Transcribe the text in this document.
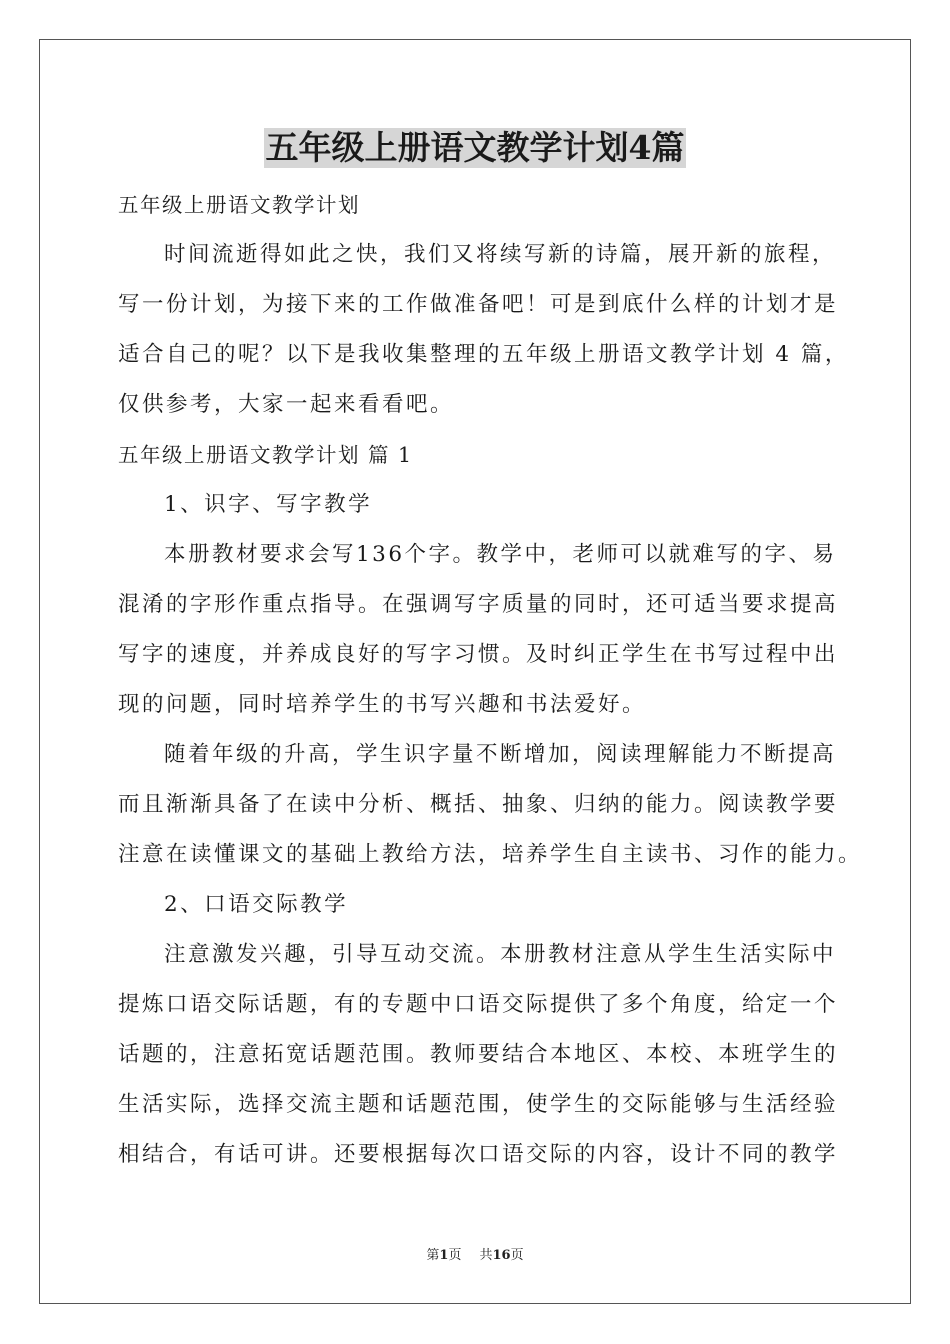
五年级上册语文教学计划4篇
五年级上册语文教学计划
时间流逝得如此之快，我们又将续写新的诗篇，展开新的旅程，
写一份计划，为接下来的工作做准备吧！可是到底什么样的计划才是
适合自己的呢？以下是我收集整理的五年级上册语文教学计划 4 篇，
仅供参考，大家一起来看看吧。
五年级上册语文教学计划 篇 1
1、识字、写字教学
本册教材要求会写136个字。教学中，老师可以就难写的字、易
混淆的字形作重点指导。在强调写字质量的同时，还可适当要求提高
写字的速度，并养成良好的写字习惯。及时纠正学生在书写过程中出
现的问题，同时培养学生的书写兴趣和书法爱好。
随着年级的升高，学生识字量不断增加，阅读理解能力不断提高
而且渐渐具备了在读中分析、概括、抽象、归纳的能力。阅读教学要
注意在读懂课文的基础上教给方法，培养学生自主读书、习作的能力。
2、口语交际教学
注意激发兴趣，引导互动交流。本册教材注意从学生生活实际中
提炼口语交际话题，有的专题中口语交际提供了多个角度，给定一个
话题的，注意拓宽话题范围。教师要结合本地区、本校、本班学生的
生活实际，选择交流主题和话题范围，使学生的交际能够与生活经验
相结合，有话可讲。还要根据每次口语交际的内容，设计不同的教学
第1页 共16页
